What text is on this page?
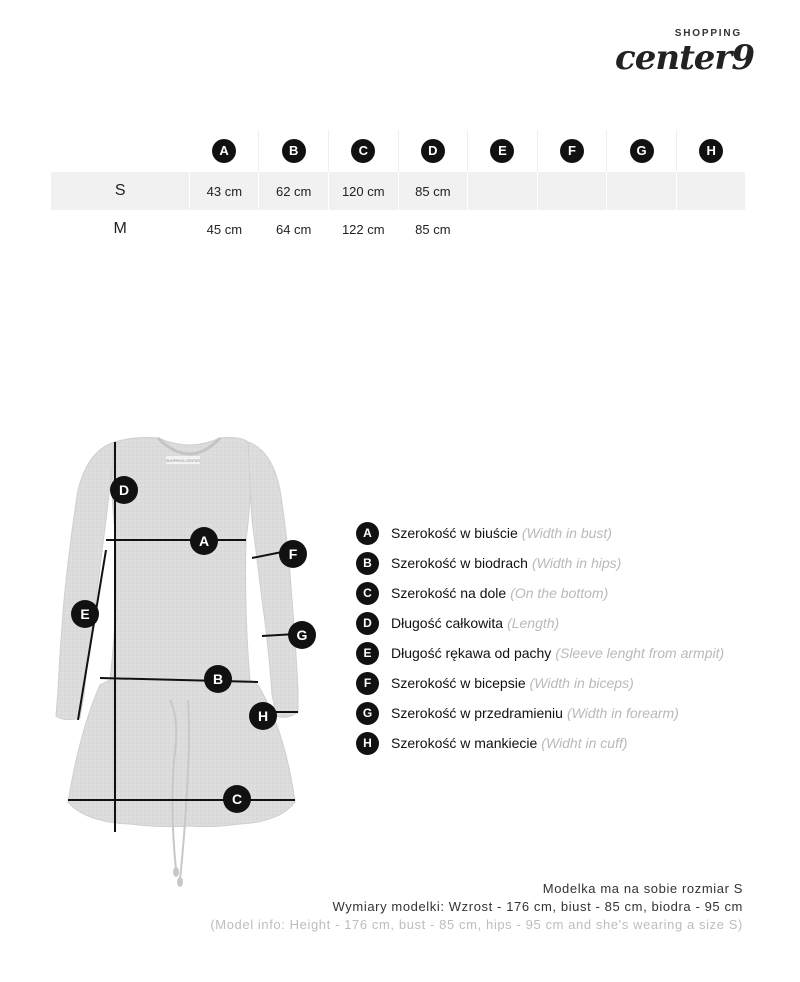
SHOPPING
center9
	A	B	C	D	E	F	G	H
S	43 cm	62 cm	120 cm	85 cm				
M	45 cm	64 cm	122 cm	85 cm				
SHOPPING CENTER
D
A
F
E
G
B
H
C
A	Szerokość w biuście (Width in bust)
B	Szerokość w biodrach (Width in hips)
C	Szerokość na dole (On the bottom)
D	Długość całkowita (Length)
E	Długość rękawa od pachy (Sleeve lenght from armpit)
F	Szerokość w bicepsie (Width in biceps)
G	Szerokość w przedramieniu (Width in forearm)
H	Szerokość w mankiecie (Widht in cuff)
Modelka ma na sobie rozmiar S
Wymiary modelki: Wzrost - 176 cm, biust - 85 cm, biodra - 95 cm
(Model info: Height - 176 cm, bust - 85 cm, hips - 95 cm and she's wearing a size S)
